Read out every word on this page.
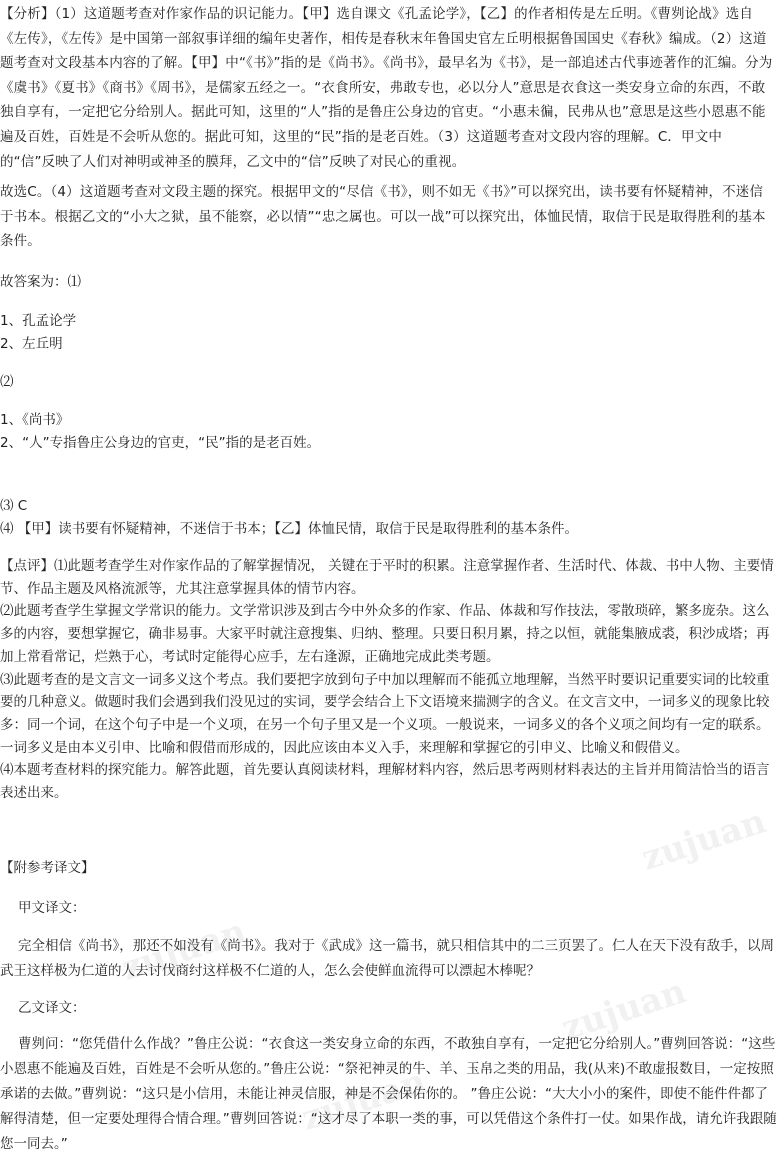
zujuan
zujuan
zujuan
zujuan

【分析】（1）这道题考查对作家作品的识记能力。【甲】选自课文《孔孟论学》，【乙】的作者相传是左丘明。《曹刿论战》选自《左传》，《左传》是中国第一部叙事详细的编年史著作，相传是春秋末年鲁国史官左丘明根据鲁国国史《春秋》编成。（2）这道题考查对文段基本内容的了解。【甲】中“《书》”指的是《尚书》。《尚书》，最早名为《书》，是一部追述古代事迹著作的汇编。分为《虞书》《夏书》《商书》《周书》，是儒家五经之一。“衣食所安，弗敢专也，必以分人”意思是衣食这一类安身立命的东西，不敢独自享有，一定把它分给别人。据此可知，这里的“人”指的是鲁庄公身边的官吏。“小惠未徧，民弗从也”意思是这些小恩惠不能遍及百姓，百姓是不会听从您的。据此可知，这里的“民”指的是老百姓。（3）这道题考查对文段内容的理解。C．甲文中的“信”反映了人们对神明或神圣的膜拜，乙文中的“信”反映了对民心的重视。

故选C。（4）这道题考查对文段主题的探究。根据甲文的“尽信《书》，则不如无《书》”可以探究出，读书要有怀疑精神，不迷信于书本。根据乙文的“小大之狱，虽不能察，必以情”“忠之属也。可以一战”可以探究出，体恤民情，取信于民是取得胜利的基本条件。

故答案为：⑴

1、孔孟论学

2、左丘明

⑵

1、《尚书》

2、“人”专指鲁庄公身边的官吏，“民”指的是老百姓。

⑶ C

⑷ 【甲】读书要有怀疑精神，不迷信于书本；【乙】体恤民情，取信于民是取得胜利的基本条件。

【点评】⑴此题考查学生对作家作品的了解掌握情况， 关键在于平时的积累。注意掌握作者、生活时代、体裁、书中人物、主要情节、作品主题及风格流派等，尤其注意掌握具体的情节内容。

⑵此题考查学生掌握文学常识的能力。文学常识涉及到古今中外众多的作家、作品、体裁和写作技法，零散琐碎，繁多庞杂。这么多的内容，要想掌握它，确非易事。大家平时就注意搜集、归纳、整理。只要日积月累，持之以恒，就能集腋成裘，积沙成塔；再加上常看常记，烂熟于心，考试时定能得心应手，左右逢源，正确地完成此类考题。

⑶此题考查的是文言文一词多义这个考点。我们要把字放到句子中加以理解而不能孤立地理解，当然平时要识记重要实词的比较重要的几种意义。做题时我们会遇到我们没见过的实词，要学会结合上下文语境来揣测字的含义。在文言文中，一词多义的现象比较多：同一个词，在这个句子中是一个义项，在另一个句子里又是一个义项。一般说来，一词多义的各个义项之间均有一定的联系。 一词多义是由本义引申、比喻和假借而形成的，因此应该由本义入手，来理解和掌握它的引申义、比喻义和假借义。

⑷本题考查材料的探究能力。解答此题，首先要认真阅读材料，理解材料内容，然后思考两则材料表达的主旨并用简洁恰当的语言表述出来。

【附参考译文】

甲文译文：

完全相信《尚书》，那还不如没有《尚书》。我对于《武成》这一篇书，就只相信其中的二三页罢了。仁人在天下没有敌手，以周武王这样极为仁道的人去讨伐商纣这样极不仁道的人，怎么会使鲜血流得可以漂起木棒呢？

乙文译文：

曹刿问：“您凭借什么作战？”鲁庄公说：“衣食这一类安身立命的东西，不敢独自享有，一定把它分给别人。”曹刿回答说：“这些小恩惠不能遍及百姓，百姓是不会听从您的。”鲁庄公说：“祭祀神灵的牛、羊、玉帛之类的用品，我(从来)不敢虚报数目，一定按照承诺的去做。”曹刿说：“这只是小信用，未能让神灵信服，神是不会保佑你的。 ”鲁庄公说：“大大小小的案件，即使不能件件都了解得清楚，但一定要处理得合情合理。”曹刿回答说：“这才尽了本职一类的事，可以凭借这个条件打一仗。如果作战，请允许我跟随您一同去。”
